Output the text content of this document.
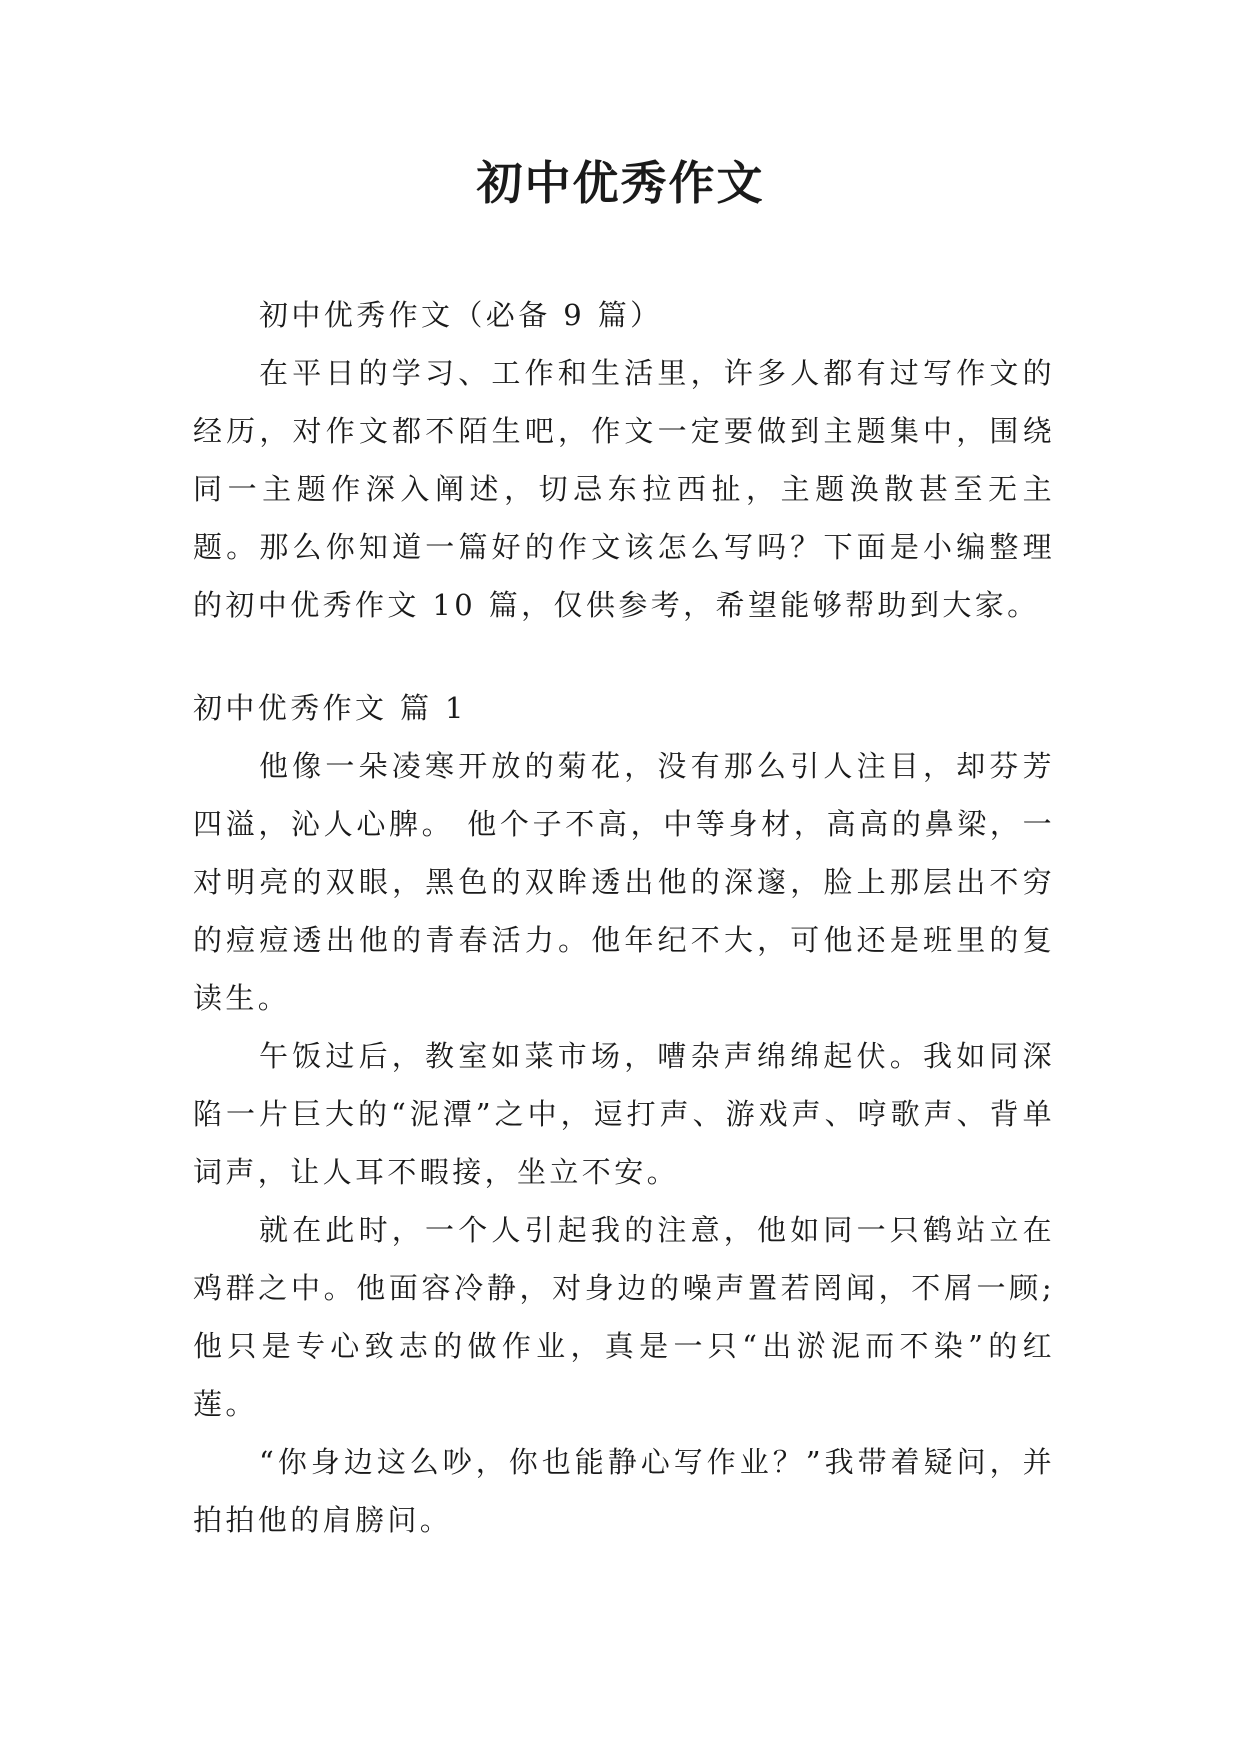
初中优秀作文

初中优秀作文（必备 9 篇）

在平日的学习、工作和生活里，许多人都有过写作文的经历，对作文都不陌生吧，作文一定要做到主题集中，围绕同一主题作深入阐述，切忌东拉西扯，主题涣散甚至无主题。那么你知道一篇好的作文该怎么写吗？下面是小编整理的初中优秀作文 10 篇，仅供参考，希望能够帮助到大家。

初中优秀作文 篇 1

他像一朵凌寒开放的菊花，没有那么引人注目，却芬芳四溢，沁人心脾。 他个子不高，中等身材，高高的鼻梁，一对明亮的双眼，黑色的双眸透出他的深邃，脸上那层出不穷的痘痘透出他的青春活力。他年纪不大，可他还是班里的复读生。

午饭过后，教室如菜市场，嘈杂声绵绵起伏。我如同深陷一片巨大的“泥潭”之中，逗打声、游戏声、哼歌声、背单词声，让人耳不暇接，坐立不安。

就在此时，一个人引起我的注意，他如同一只鹤站立在鸡群之中。他面容冷静，对身边的噪声置若罔闻，不屑一顾;他只是专心致志的做作业，真是一只“出淤泥而不染”的红莲。

“你身边这么吵，你也能静心写作业？”我带着疑问，并拍拍他的肩膀问。
